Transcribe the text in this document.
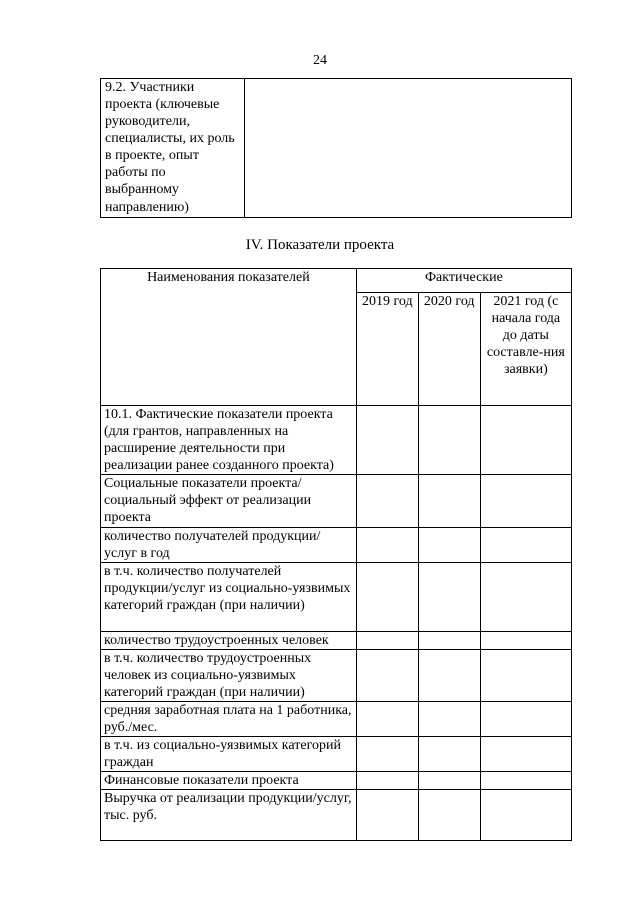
24
9.2. Участники проекта (ключевые руководители, специалисты, их роль в проекте, опыт работы по выбранному направлению)	
IV. Показатели проекта
Наименования показателей	Фактические		
	2019 год	2020 год	2021 год (с начала года до даты составле-ния заявки)
10.1. Фактические показатели проекта (для грантов, направленных на расширение деятельности при реализации ранее созданного проекта)			
Социальные показатели проекта/социальный эффект от реализации проекта			
количество получателей продукции/услуг в год			
в т.ч. количество получателей продукции/услуг из социально-уязвимых категорий граждан (при наличии)			
количество трудоустроенных человек			
в т.ч. количество трудоустроенных человек из социально-уязвимых категорий граждан (при наличии)			
средняя заработная плата на 1 работника, руб./мес.			
в т.ч. из социально-уязвимых категорий граждан			
Финансовые показатели проекта			
Выручка от реализации продукции/услуг, тыс. руб.			
